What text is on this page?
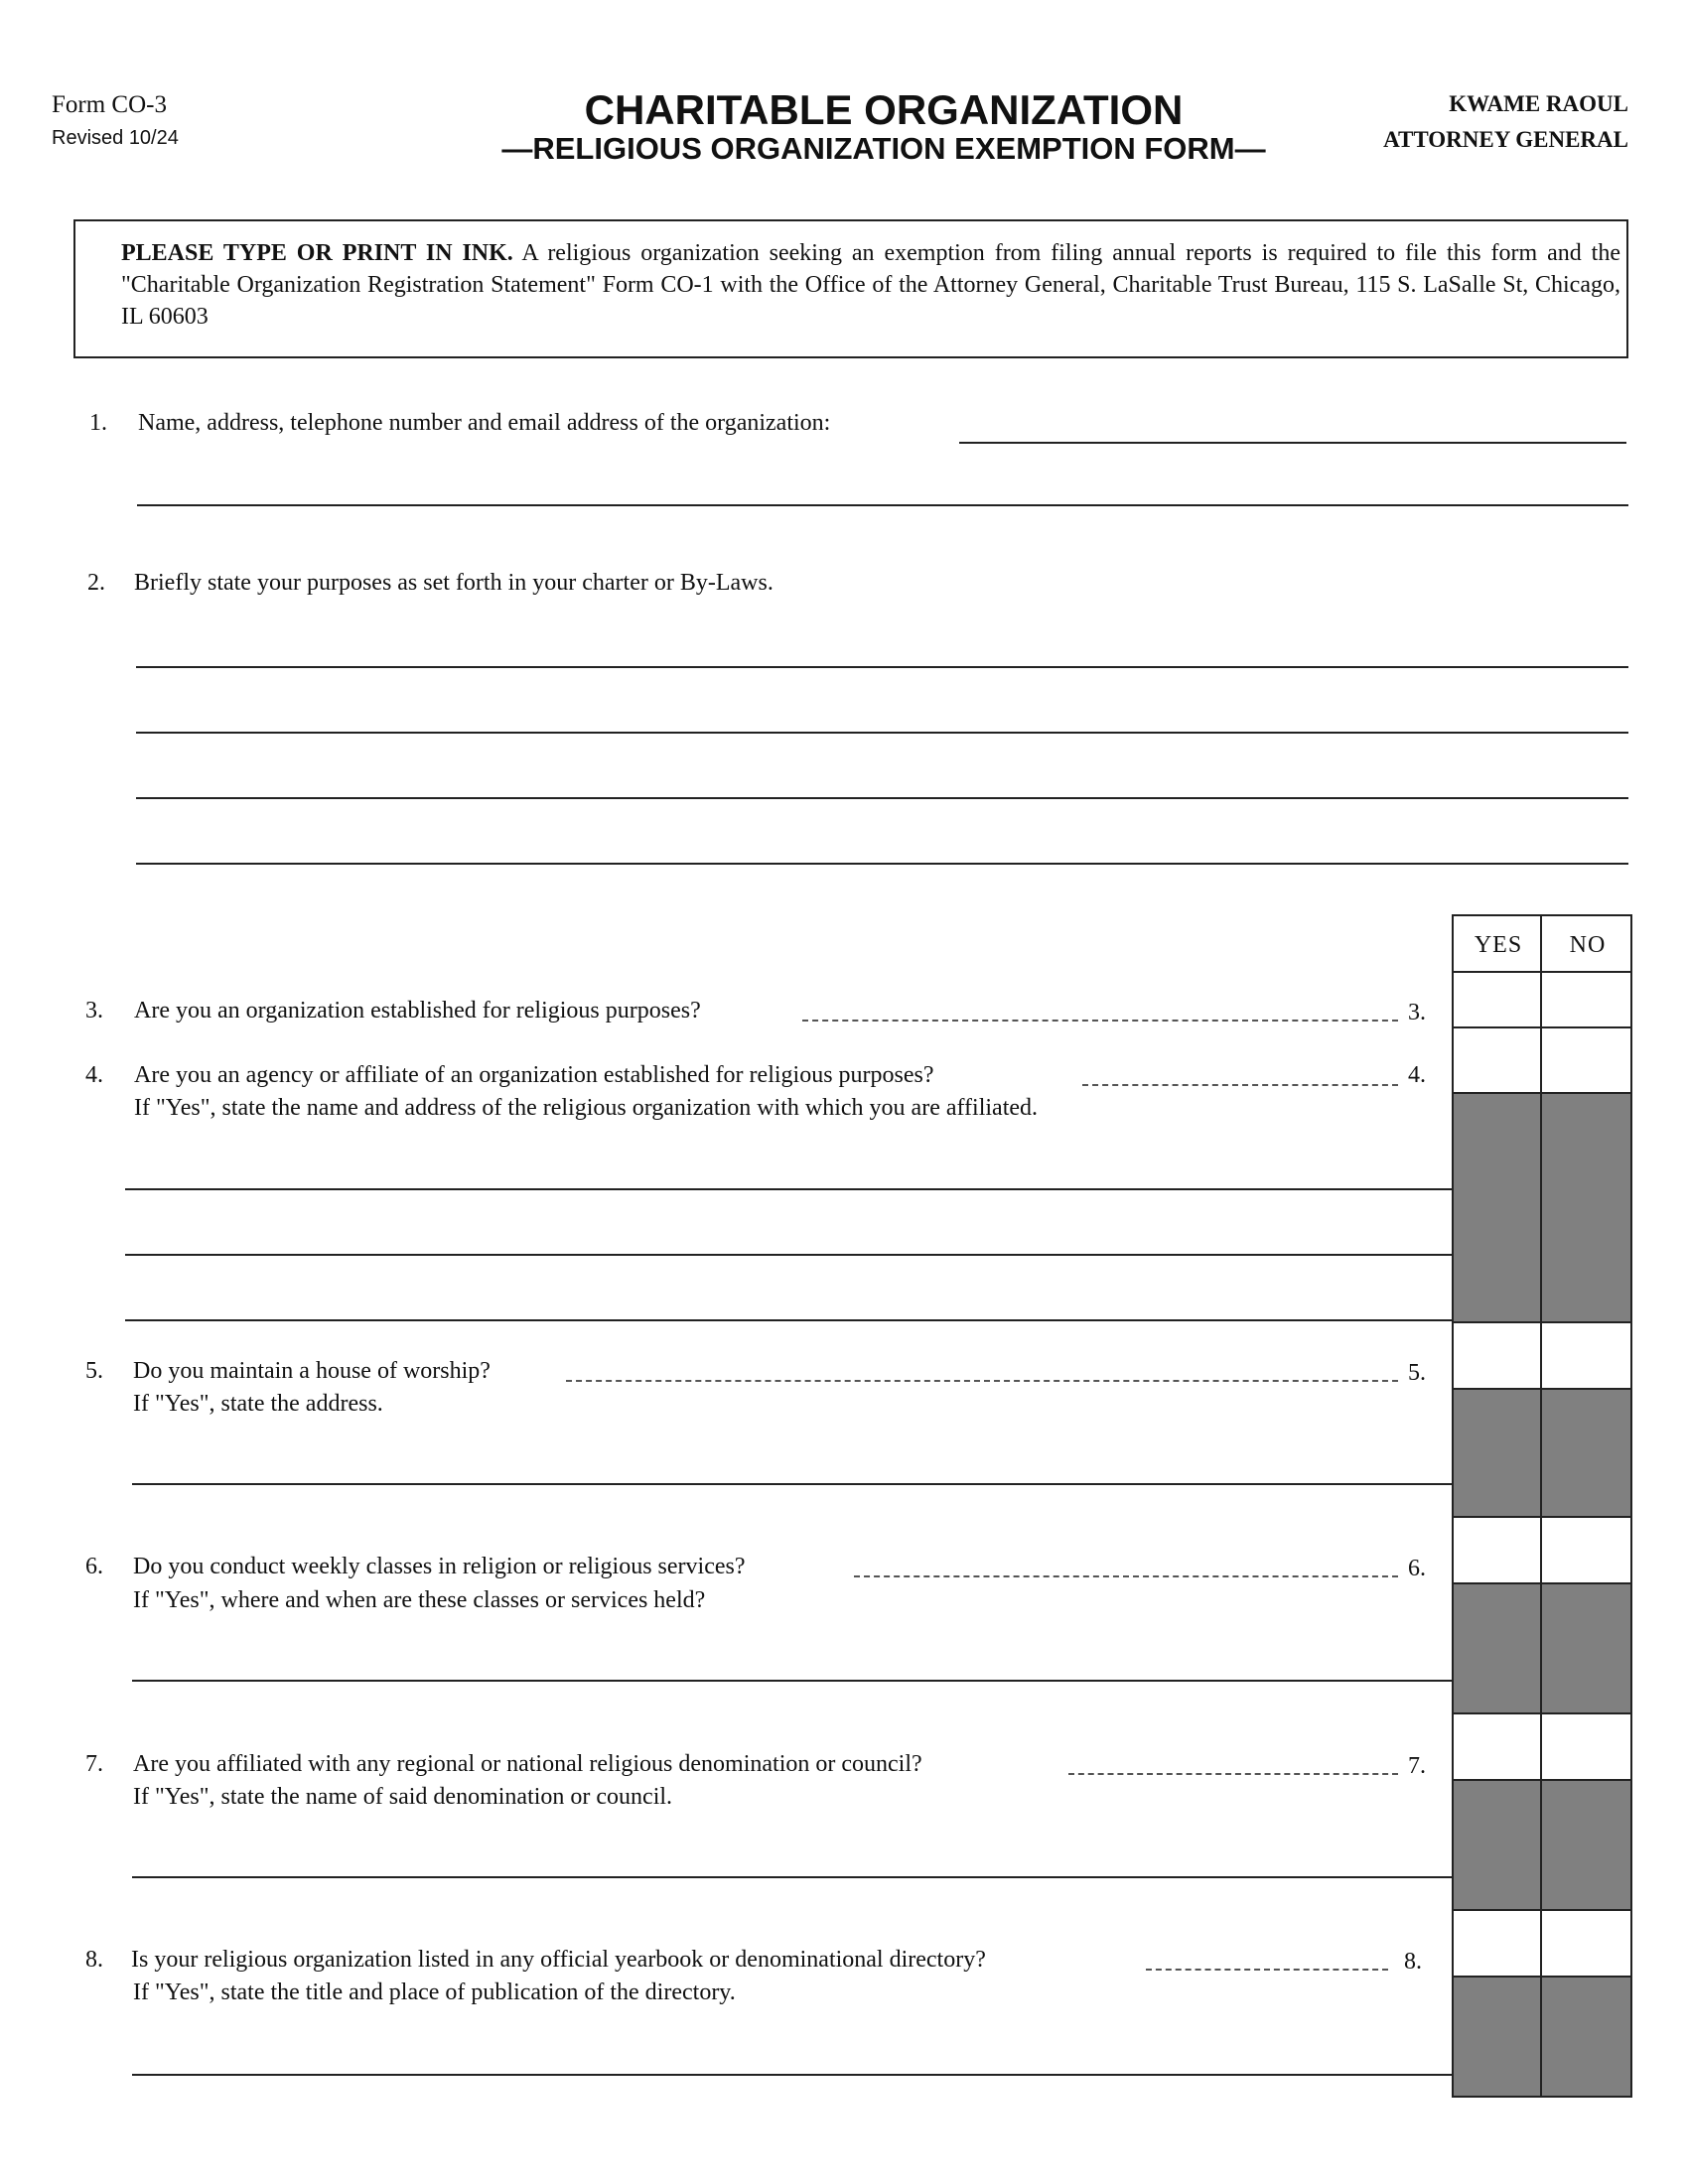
Form CO-3
Revised 10/24
CHARITABLE ORGANIZATION
—RELIGIOUS ORGANIZATION EXEMPTION FORM—
KWAME RAOUL
ATTORNEY GENERAL
PLEASE TYPE OR PRINT IN INK. A religious organization seeking an exemption from filing annual reports is required to file this form and the "Charitable Organization Registration Statement" Form CO-1 with the Office of the Attorney General, Charitable Trust Bureau, 115 S. LaSalle St, Chicago, IL 60603
1. Name, address, telephone number and email address of the organization:
2. Briefly state your purposes as set forth in your charter or By-Laws.
3. Are you an organization established for religious purposes?	3.
4. Are you an agency or affiliate of an organization established for religious purposes?	4.
If "Yes", state the name and address of the religious organization with which you are affiliated.
5. Do you maintain a house of worship?	5.
If "Yes", state the address.
6. Do you conduct weekly classes in religion or religious services?	6.
If "Yes", where and when are these classes or services held?
7. Are you affiliated with any regional or national religious denomination or council?	7.
If "Yes", state the name of said denomination or council.
8. Is your religious organization listed in any official yearbook or denominational directory?	8.
If "Yes", state the title and place of publication of the directory.
YES	NO
